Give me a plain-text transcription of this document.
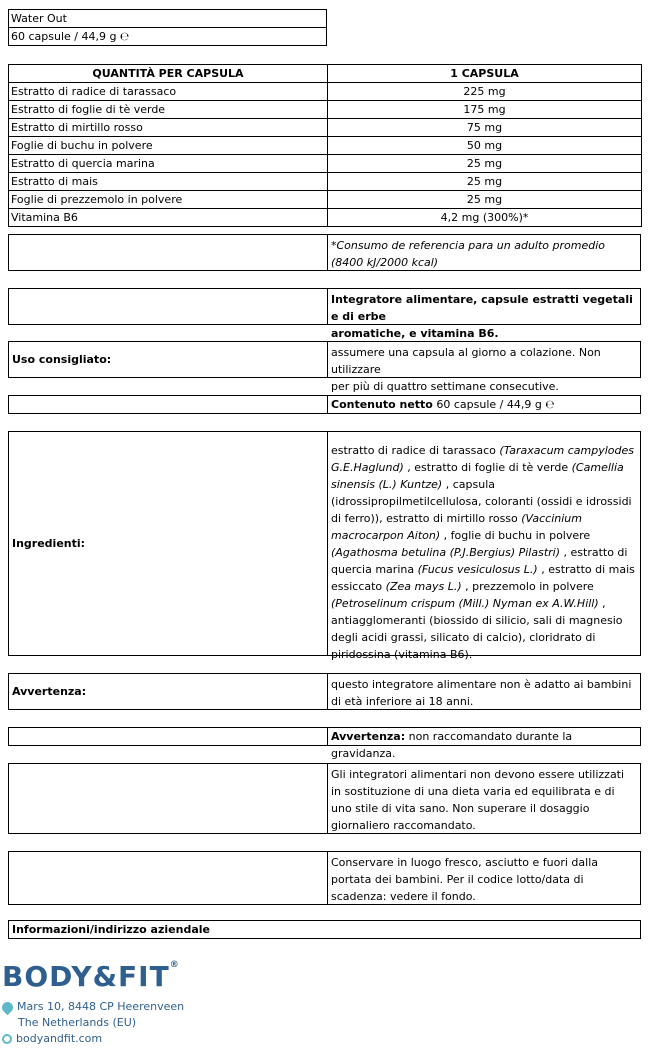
Water Out
60 capsule / 44,9 g ℮
QUANTITÀ PER CAPSULA	1 CAPSULA
Estratto di radice di tarassaco	225 mg
Estratto di foglie di tè verde	175 mg
Estratto di mirtillo rosso	75 mg
Foglie di buchu in polvere	50 mg
Estratto di quercia marina	25 mg
Estratto di mais	25 mg
Foglie di prezzemolo in polvere	25 mg
Vitamina B6	4,2 mg (300%)*
*Consumo de referencia para un adulto promedio
(8400 kJ/2000 kcal)
Integratore alimentare, capsule estratti vegetali e di erbe
aromatiche, e vitamina B6.
Uso consigliato:
assumere una capsula al giorno a colazione. Non utilizzare
per più di quattro settimane consecutive.
Contenuto netto 60 capsule / 44,9 g ℮
Ingredienti:
estratto di radice di tarassaco (Taraxacum campylodes G.E.Haglund) , estratto di foglie di tè verde (Camellia sinensis (L.) Kuntze) , capsula (idrossipropilmetilcellulosa, coloranti (ossidi e idrossidi di ferro)), estratto di mirtillo rosso (Vaccinium macrocarpon Aiton) , foglie di buchu in polvere (Agathosma betulina (P.J.Bergius) Pilastri) , estratto di quercia marina (Fucus vesiculosus L.) , estratto di mais essiccato (Zea mays L.) , prezzemolo in polvere (Petroselinum crispum (Mill.) Nyman ex A.W.Hill) , antiagglomeranti (biossido di silicio, sali di magnesio degli acidi grassi, silicato di calcio), cloridrato di piridossina (vitamina B6).
Avvertenza:
questo integratore alimentare non è adatto ai bambini di età inferiore ai 18 anni.
Avvertenza: non raccomandato durante la gravidanza.
Gli integratori alimentari non devono essere utilizzati in sostituzione di una dieta varia ed equilibrata e di uno stile di vita sano. Non superare il dosaggio giornaliero raccomandato.
Conservare in luogo fresco, asciutto e fuori dalla portata dei bambini. Per il codice lotto/data di scadenza: vedere il fondo.
Informazioni/indirizzo aziendale
BODY&FIT®
Mars 10, 8448 CP Heerenveen
The Netherlands (EU)
bodyandfit.com
